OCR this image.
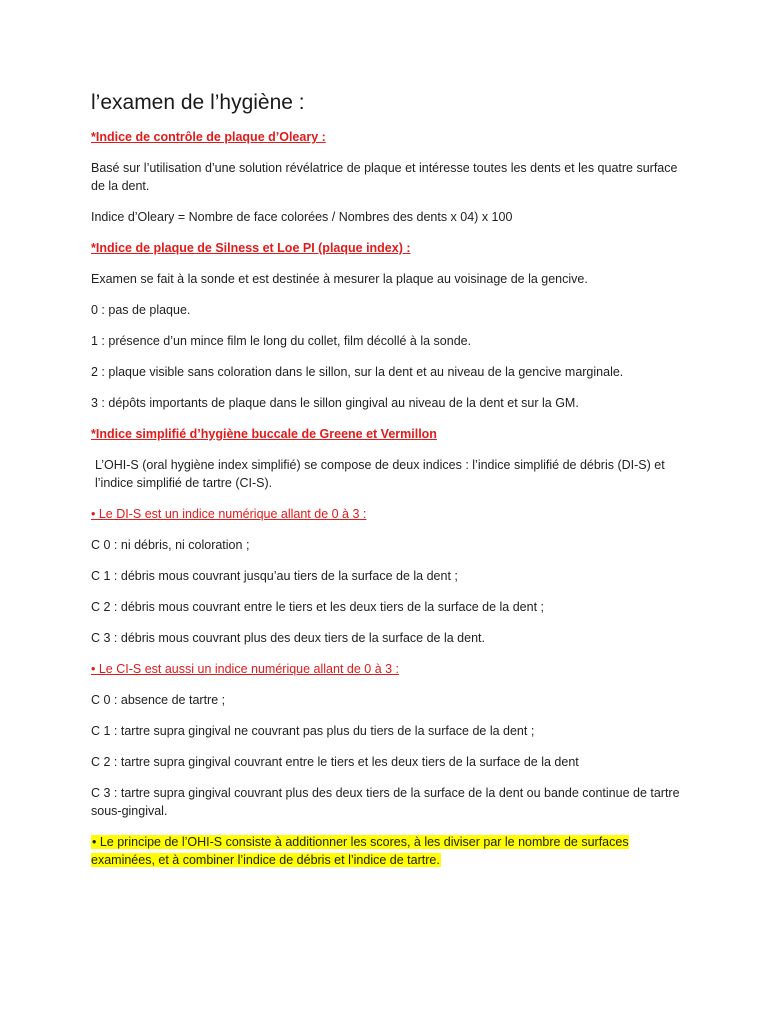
l’examen de l’hygiène :
*Indice de contrôle de plaque d’Oleary :
Basé sur l’utilisation d’une solution révélatrice de plaque et intéresse toutes les dents et les quatre surface de la dent.
Indice d’Oleary = Nombre de face colorées / Nombres des dents x 04) x 100
*Indice de plaque de Silness et Loe PI (plaque index) :
Examen se fait à la sonde et est destinée à mesurer la plaque au voisinage de la gencive.
0 : pas de plaque.
1 : présence d’un mince film le long du collet, film décollé à la sonde.
2 : plaque visible sans coloration dans le sillon, sur la dent et au niveau de la gencive marginale.
3 : dépôts importants de plaque dans le sillon gingival au niveau de la dent et sur la GM.
*Indice simplifié d’hygiène buccale de Greene et Vermillon
L’OHI-S (oral hygiène index simplifié) se compose de deux indices : l’indice simplifié de débris (DI-S) et l’indice simplifié de tartre (CI-S).
• Le DI-S est un indice numérique allant de 0 à 3 :
C 0 : ni débris, ni coloration ;
C 1 : débris mous couvrant jusqu’au tiers de la surface de la dent ;
C 2 : débris mous couvrant entre le tiers et les deux tiers de la surface de la dent ;
C 3 : débris mous couvrant plus des deux tiers de la surface de la dent.
• Le CI-S est aussi un indice numérique allant de 0 à 3 :
C 0 : absence de tartre ;
C 1 : tartre supra gingival ne couvrant pas plus du tiers de la surface de la dent ;
C 2 : tartre supra gingival couvrant entre le tiers et les deux tiers de la surface de la dent
C 3 : tartre supra gingival couvrant plus des deux tiers de la surface de la dent ou bande continue de tartre sous-gingival.
• Le principe de l’OHI-S consiste à additionner les scores, à les diviser par le nombre de surfaces examinées, et à combiner l’indice de débris et l’indice de tartre.
